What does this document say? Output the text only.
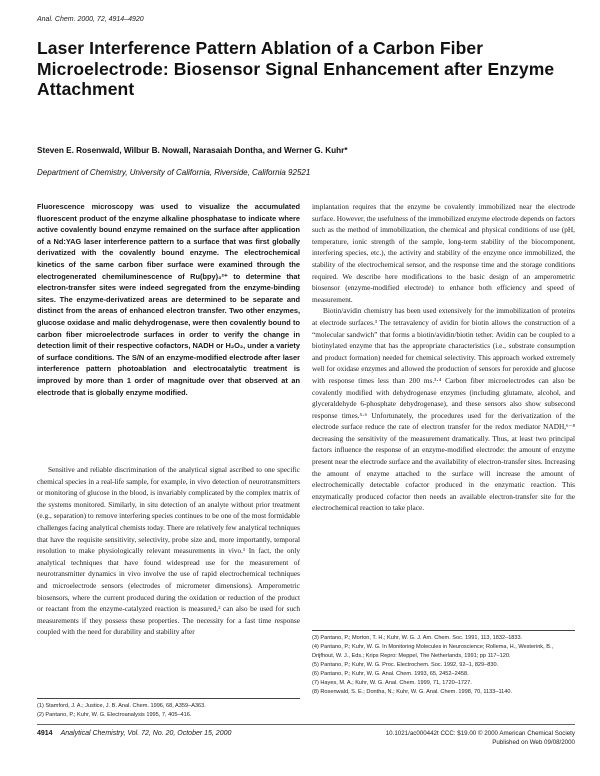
Anal. Chem. 2000, 72, 4914–4920
Laser Interference Pattern Ablation of a Carbon Fiber Microelectrode: Biosensor Signal Enhancement after Enzyme Attachment
Steven E. Rosenwald, Wilbur B. Nowall, Narasaiah Dontha, and Werner G. Kuhr*
Department of Chemistry, University of California, Riverside, California 92521

Fluorescence microscopy was used to visualize the accumulated fluorescent product of the enzyme alkaline phosphatase to indicate where active covalently bound enzyme remained on the surface after application of a Nd:YAG laser interference pattern to a surface that was first globally derivatized with the covalently bound enzyme. The electrochemical kinetics of the same carbon fiber surface were examined through the electrogenerated chemiluminescence of Ru(bpy)₃²⁺ to determine that electron-transfer sites were indeed segregated from the enzyme-binding sites. The enzyme-derivatized areas are determined to be separate and distinct from the areas of enhanced electron transfer. Two other enzymes, glucose oxidase and malic dehydrogenase, were then covalently bound to carbon fiber microelectrode surfaces in order to verify the change in detection limit of their respective cofactors, NADH or H₂O₂, under a variety of surface conditions. The S/N of an enzyme-modified electrode after laser interference pattern photoablation and electrocatalytic treatment is improved by more than 1 order of magnitude over that observed at an electrode that is globally enzyme modified.

Sensitive and reliable discrimination of the analytical signal ascribed to one specific chemical species in a real-life sample, for example, in vivo detection of neurotransmitters or monitoring of glucose in the blood, is invariably complicated by the complex matrix of the systems monitored. Similarly, in situ detection of an analyte without prior treatment (e.g., separation) to remove interfering species continues to be one of the most formidable challenges facing analytical chemists today. There are relatively few analytical techniques that have the requisite sensitivity, selectivity, probe size and, more importantly, temporal resolution to make physiologically relevant measurements in vivo.¹ In fact, the only analytical techniques that have found widespread use for the measurement of neurotransmitter dynamics in vivo involve the use of rapid electrochemical techniques and microelectrode sensors (electrodes of micrometer dimensions). Amperometric biosensors, where the current produced during the oxidation or reduction of the product or reactant from the enzyme-catalyzed reaction is measured,² can also be used for such measurements if they possess these properties. The necessity for a fast time response coupled with the need for durability and stability after

implantation requires that the enzyme be covalently immobilized near the electrode surface. However, the usefulness of the immobilized enzyme electrode depends on factors such as the method of immobilization, the chemical and physical conditions of use (pH, temperature, ionic strength of the sample, long-term stability of the biocomponent, interfering species, etc.), the activity and stability of the enzyme once immobilized, the stability of the electrochemical sensor, and the response time and the storage conditions required. We describe here modifications to the basic design of an amperometric biosensor (enzyme-modified electrode) to enhance both efficiency and speed of measurement.

Biotin/avidin chemistry has been used extensively for the immobilization of proteins at electrode surfaces.³ The tetravalency of avidin for biotin allows the construction of a “molecular sandwich” that forms a biotin/avidin/biotin tether. Avidin can be coupled to a biotinylated enzyme that has the appropriate characteristics (i.e., substrate consumption and product formation) needed for chemical selectivity. This approach worked extremely well for oxidase enzymes and allowed the production of sensors for peroxide and glucose with response times less than 200 ms.³·⁴ Carbon fiber microelectrodes can also be covalently modified with dehydrogenase enzymes (including glutamate, alcohol, and glyceraldehyde 6-phosphate dehydrogenase), and these sensors also show subsecond response times.⁵·⁶ Unfortunately, the procedures used for the derivatization of the electrode surface reduce the rate of electron transfer for the redox mediator NADH,⁶⁻⁸ decreasing the sensitivity of the measurement dramatically. Thus, at least two principal factors influence the response of an enzyme-modified electrode: the amount of enzyme present near the electrode surface and the availability of electron-transfer sites. Increasing the amount of enzyme attached to the surface will increase the amount of electrochemically detectable cofactor produced in the enzymatic reaction. This enzymatically produced cofactor then needs an available electron-transfer site for the electrochemical reaction to take place.

(1) Stamford, J. A.; Justice, J. B. Anal. Chem. 1996, 68, A359–A363.
(2) Pantano, P.; Kuhr, W. G. Electroanalysis 1995, 7, 405–416.
(3) Pantano, P.; Morton, T. H.; Kuhr, W. G. J. Am. Chem. Soc. 1991, 113, 1832–1833.
(4) Pantano, P.; Kuhr, W. G. In Monitoring Molecules in Neuroscience; Rollema, H., Westerink, B., Drijfhout, W. J., Eds.; Krips Repro: Meppel, The Netherlands, 1991; pp 117–120.
(5) Pantano, P.; Kuhr, W. G. Proc. Electrochem. Soc. 1992, 92–1, 829–830.
(6) Pantano, P.; Kuhr, W. G. Anal. Chem. 1993, 65, 2452–2458.
(7) Hayes, M. A.; Kuhr, W. G. Anal. Chem. 1999, 71, 1720–1727.
(8) Rosenwald, S. E.; Dontha, N.; Kuhr, W. G. Anal. Chem. 1998, 70, 1133–1140.
4914 Analytical Chemistry, Vol. 72, No. 20, October 15, 2000	10.1021/ac000442t CCC: $19.00 © 2000 American Chemical Society
Published on Web 09/08/2000
